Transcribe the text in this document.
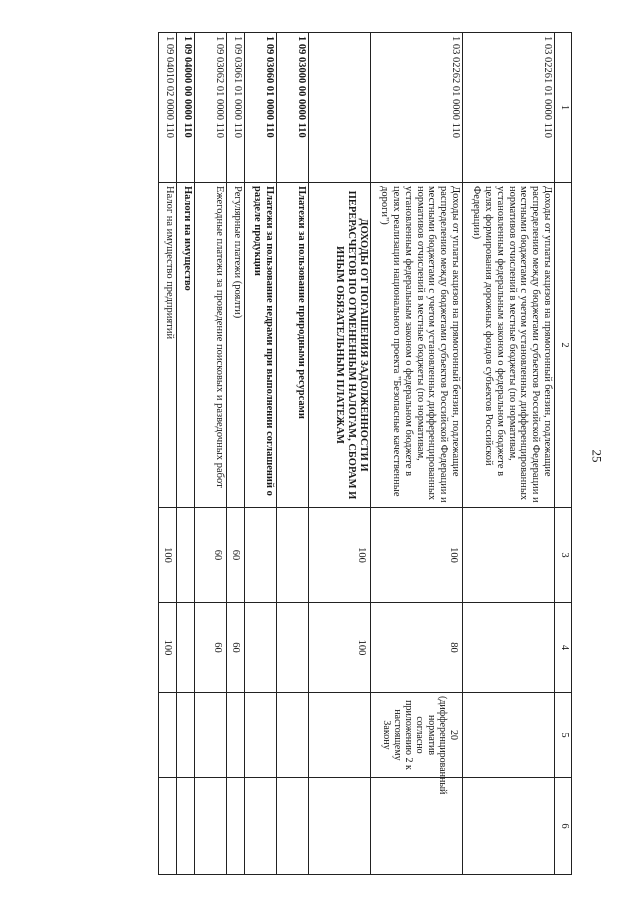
25
1	2	3	4	5	6
1 03 02261 01 0000 110	Доходы от уплаты акцизов на прямогонный бензин, подлежащие распределению между бюджетами субъектов Российской Федерации и местными бюджетами с учетом установленных дифференцированных нормативов отчислений в местные бюджеты (по нормативам, установленным федеральным законом о федеральном бюджете в целях формирования дорожных фондов субъектов Российской Федерации)				
1 03 02262 01 0000 110	Доходы от уплаты акцизов на прямогонный бензин, подлежащие распределению между бюджетами субъектов Российской Федерации и местными бюджетами с учетом установленных дифференцированных нормативов отчислений в местные бюджеты (по нормативам, установленным федеральным законом о федеральном бюджете в целях реализации национального проекта "Безопасные качественные дороги")	100	80	20 (дифференцированный норматив согласно приложению 2 к настоящему Закону	
	ДОХОДЫ ОТ ПОГАШЕНИЯ ЗАДОЛЖЕННОСТИ И ПЕРЕРАСЧЕТОВ ПО ОТМЕНЕННЫМ НАЛОГАМ, СБОРАМ И ИНЫМ ОБЯЗАТЕЛЬНЫМ ПЛАТЕЖАМ	100	100		
1 09 03000 00 0000 110	Платежи за пользование природными ресурсами				
1 09 03060 01 0000 110	Платежи за пользование недрами при выполнении соглашений о разделе продукции				
1 09 03061 01 0000 110	Регулярные платежи (роялти)	60	60		
1 09 03062 01 0000 110	Ежегодные платежи за проведение поисковых и разведочных работ	60	60		
1 09 04000 00 0000 110	Налоги на имущество				
1 09 04010 02 0000 110	Налог на имущество предприятий	100	100		
